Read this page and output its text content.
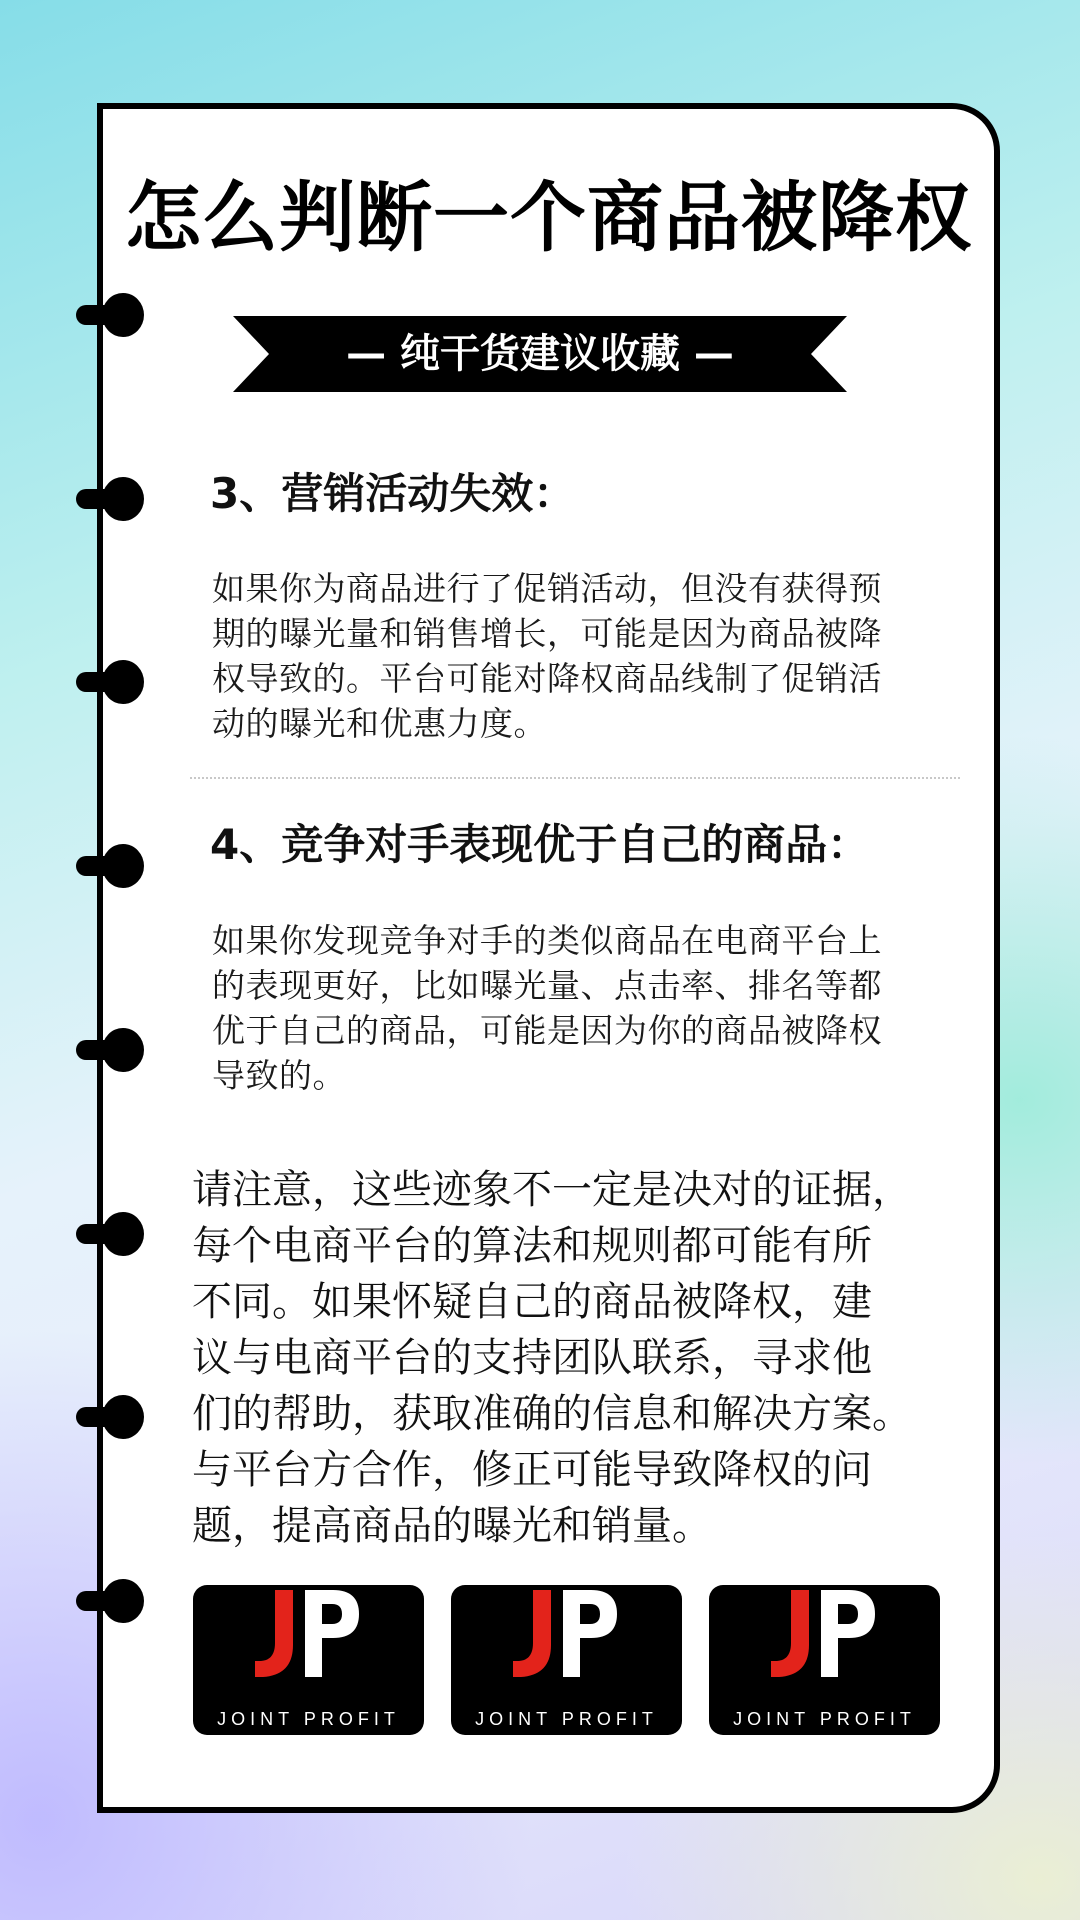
怎么判断一个商品被降权
— 纯干货建议收藏 —
3、营销活动失效：
如果你为商品进行了促销活动，但没有获得预
期的曝光量和销售增长，可能是因为商品被降
权导致的。平台可能对降权商品线制了促销活
动的曝光和优惠力度。
4、竞争对手表现优于自己的商品：
如果你发现竞争对手的类似商品在电商平台上
的表现更好，比如曝光量、点击率、排名等都
优于自己的商品，可能是因为你的商品被降权
导致的。
请注意，这些迹象不一定是决对的证据，
每个电商平台的算法和规则都可能有所
不同。如果怀疑自己的商品被降权，建
议与电商平台的支持团队联系，寻求他
们的帮助，获取准确的信息和解决方案。
与平台方合作，修正可能导致降权的问
题，提高商品的曝光和销量。
JOINT PROFIT	JOINT PROFIT	JOINT PROFIT
